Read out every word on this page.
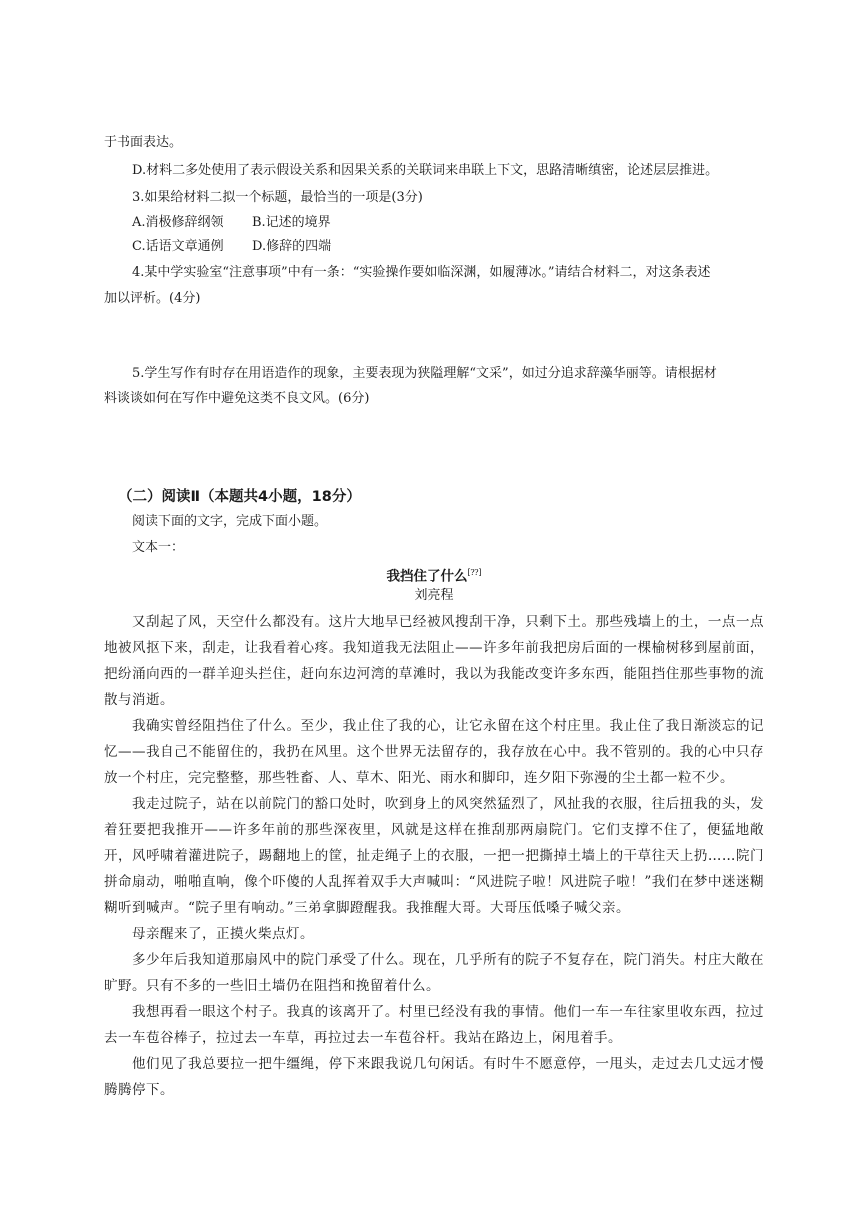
于书面表达。
D.材料二多处使用了表示假设关系和因果关系的关联词来串联上下文，思路清晰缜密，论述层层推进。
3.如果给材料二拟一个标题，最恰当的一项是(3分)
A.消极修辞纲领 B.记述的境界
C.话语文章通例 D.修辞的四端
4.某中学实验室“注意事项”中有一条：“实验操作要如临深渊，如履薄冰。”请结合材料二，对这条表述
加以评析。(4分)
5.学生写作有时存在用语造作的现象，主要表现为狭隘理解“文采”，如过分追求辞藻华丽等。请根据材
料谈谈如何在写作中避免这类不良文风。(6分)
（二）阅读Ⅱ（本题共4小题，18分）
阅读下面的文字，完成下面小题。
文本一：
我挡住了什么[⁇]
刘亮程
又刮起了风，天空什么都没有。这片大地早已经被风搜刮干净，只剩下土。那些残墙上的土，一点一点地被风抠下来，刮走，让我看着心疼。我知道我无法阻止——许多年前我把房后面的一棵榆树移到屋前面，把纷涌向西的一群羊迎头拦住，赶向东边河湾的草滩时，我以为我能改变许多东西，能阻挡住那些事物的流散与消逝。
我确实曾经阻挡住了什么。至少，我止住了我的心，让它永留在这个村庄里。我止住了我日渐淡忘的记忆——我自己不能留住的，我扔在风里。这个世界无法留存的，我存放在心中。我不管别的。我的心中只存放一个村庄，完完整整，那些牲畜、人、草木、阳光、雨水和脚印，连夕阳下弥漫的尘土都一粒不少。
我走过院子，站在以前院门的豁口处时，吹到身上的风突然猛烈了，风扯我的衣服，往后扭我的头，发着狂要把我推开——许多年前的那些深夜里，风就是这样在推刮那两扇院门。它们支撑不住了，便猛地敞开，风呼啸着灌进院子，踢翻地上的筐，扯走绳子上的衣服，一把一把撕掉土墙上的干草往天上扔……院门拼命扇动，啪啪直响，像个吓傻的人乱挥着双手大声喊叫：“风进院子啦！风进院子啦！”我们在梦中迷迷糊糊听到喊声。“院子里有响动。”三弟拿脚蹬醒我。我推醒大哥。大哥压低嗓子喊父亲。
母亲醒来了，正摸火柴点灯。
多少年后我知道那扇风中的院门承受了什么。现在，几乎所有的院子不复存在，院门消失。村庄大敞在旷野。只有不多的一些旧土墙仍在阻挡和挽留着什么。
我想再看一眼这个村子。我真的该离开了。村里已经没有我的事情。他们一车一车往家里收东西，拉过去一车苞谷棒子，拉过去一车草，再拉过去一车苞谷杆。我站在路边上，闲甩着手。
他们见了我总要拉一把牛缰绳，停下来跟我说几句闲话。有时牛不愿意停，一甩头，走过去几丈远才慢腾腾停下。
